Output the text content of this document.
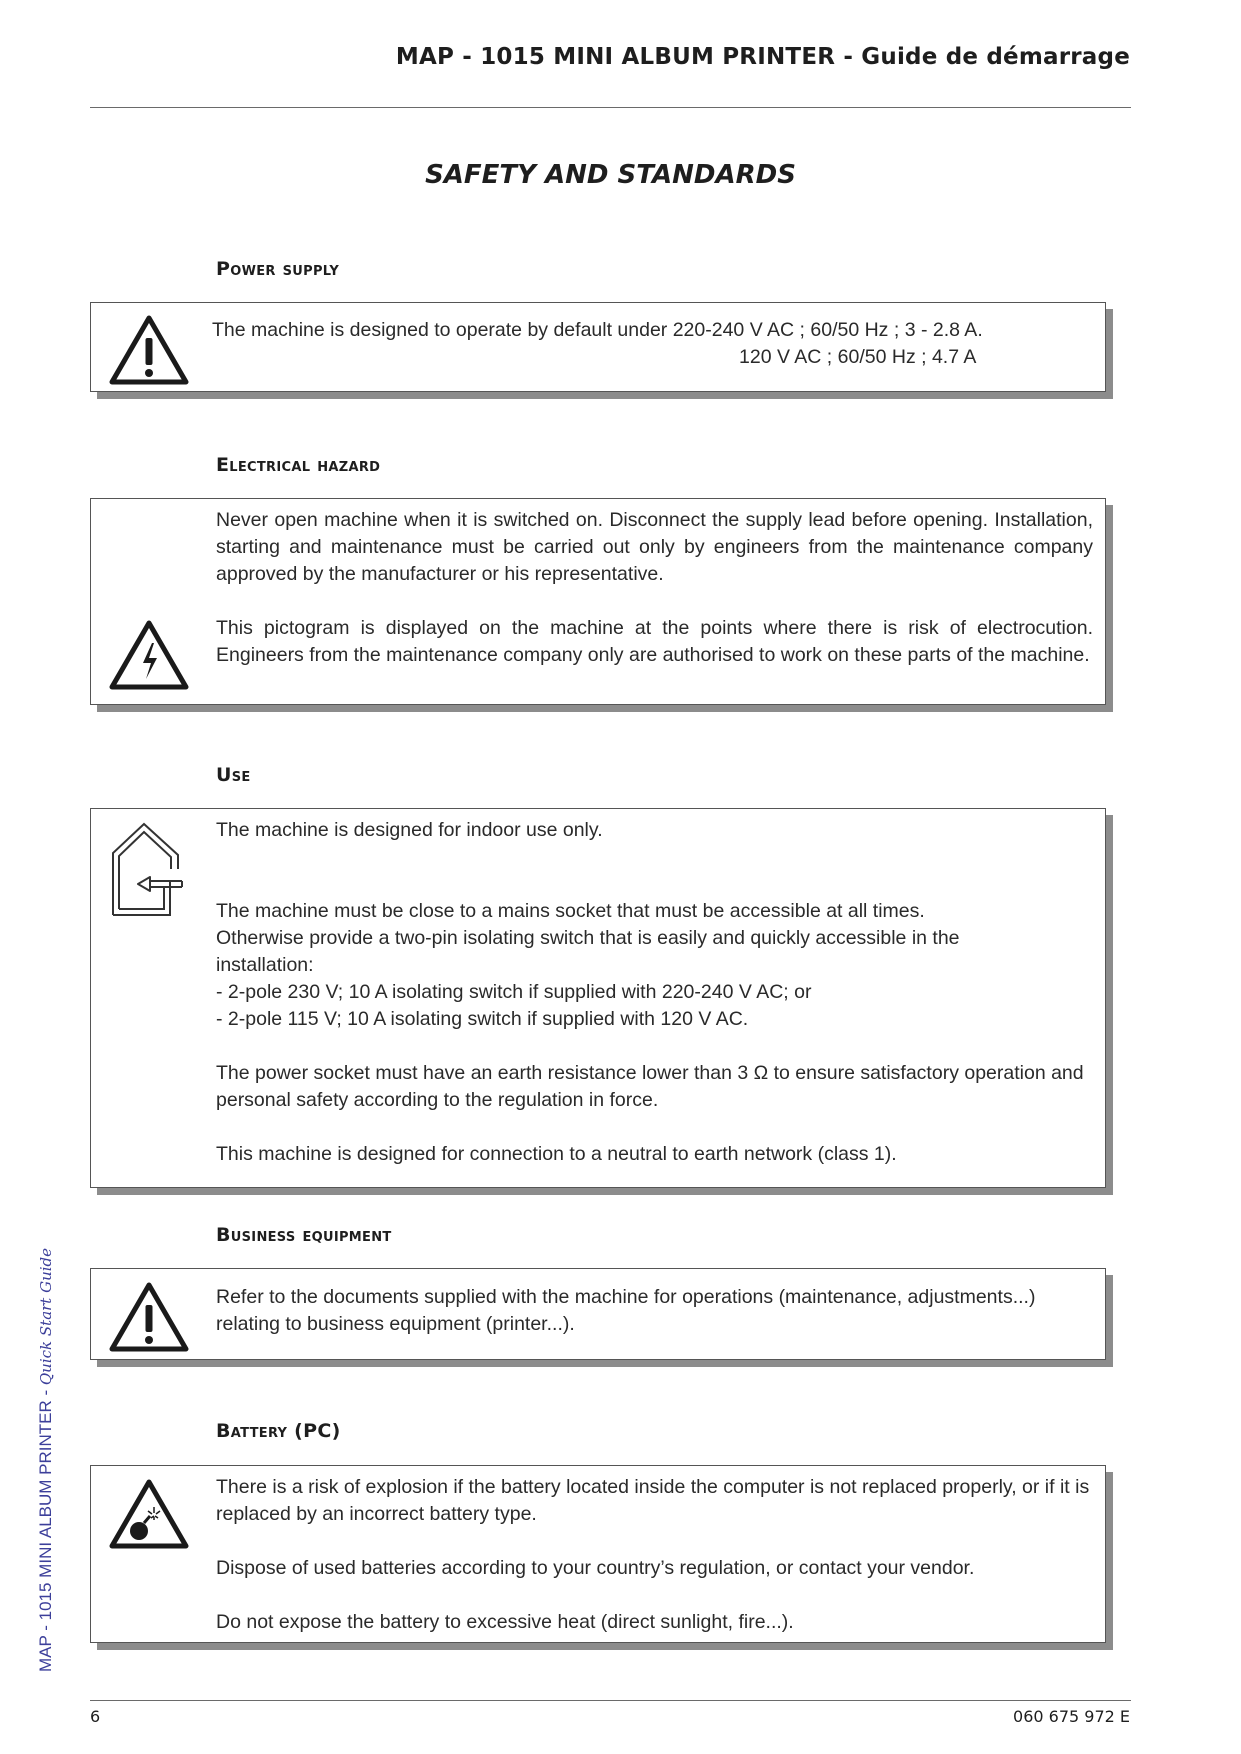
MAP - 1015 MINI ALBUM PRINTER - Guide de démarrage
SAFETY AND STANDARDS
Power supply

The machine is designed to operate by default under 220-240 V AC ; 60/50 Hz ; 3 - 2.8 A.

120 V AC ; 60/50 Hz ; 4.7 A

Electrical hazard

Never open machine when it is switched on. Disconnect the supply lead before opening. Installation, starting and maintenance must be carried out only by engineers from the maintenance company approved by the manufacturer or his representative.

This pictogram is displayed on the machine at the points where there is risk of electrocution. Engineers from the maintenance company only are authorised to work on these parts of the machine.

Use

The machine is designed for indoor use only.

The machine must be close to a mains socket that must be accessible at all times.

Otherwise provide a two-pin isolating switch that is easily and quickly accessible in the

installation:

- 2-pole 230 V; 10 A isolating switch if supplied with 220-240 V AC; or

- 2-pole 115 V; 10 A isolating switch if supplied with 120 V AC.

The power socket must have an earth resistance lower than 3 Ω to ensure satisfactory operation and personal safety according to the regulation in force.

This machine is designed for connection to a neutral to earth network (class 1).

Business equipment

Refer to the documents supplied with the machine for operations (maintenance, adjustments...) relating to business equipment (printer...).

Battery (PC)

There is a risk of explosion if the battery located inside the computer is not replaced properly, or if it is replaced by an incorrect battery type.

Dispose of used batteries according to your country’s regulation, or contact your vendor.

Do not expose the battery to excessive heat (direct sunlight, fire...).

MAP - 1015 MINI ALBUM PRINTER - Quick Start Guide
6	060 675 972 E
